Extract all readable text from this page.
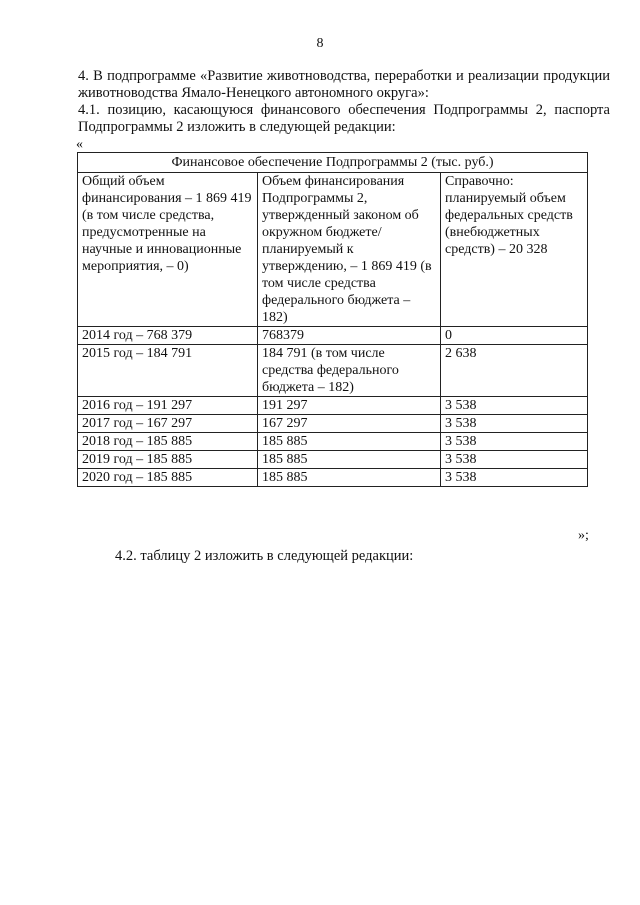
8
4. В подпрограмме «Развитие животноводства, переработки и реализации продукции животноводства Ямало-Ненецкого автономного округа»:
4.1. позицию, касающуюся финансового обеспечения Подпрограммы 2, паспорта Подпрограммы 2 изложить в следующей редакции:
«
Финансовое обеспечение Подпрограммы 2 (тыс. руб.)		
Общий объем финансирования – 1 869 419 (в том числе средства, предусмотренные на научные и инновационные мероприятия, – 0)	Объем финансирования Подпрограммы 2, утвержденный законом об окружном бюджете/ планируемый к утверждению, – 1 869 419 (в том числе средства федерального бюджета – 182)	Справочно: планируемый объем федеральных средств (внебюджетных средств) – 20 328
2014 год – 768 379	768379	0
2015 год – 184 791	184 791 (в том числе средства федерального бюджета – 182)	2 638
2016 год – 191 297	191 297	3 538
2017 год – 167 297	167 297	3 538
2018 год – 185 885	185 885	3 538
2019 год – 185 885	185 885	3 538
2020 год – 185 885	185 885	3 538
»;
4.2. таблицу 2 изложить в следующей редакции:
